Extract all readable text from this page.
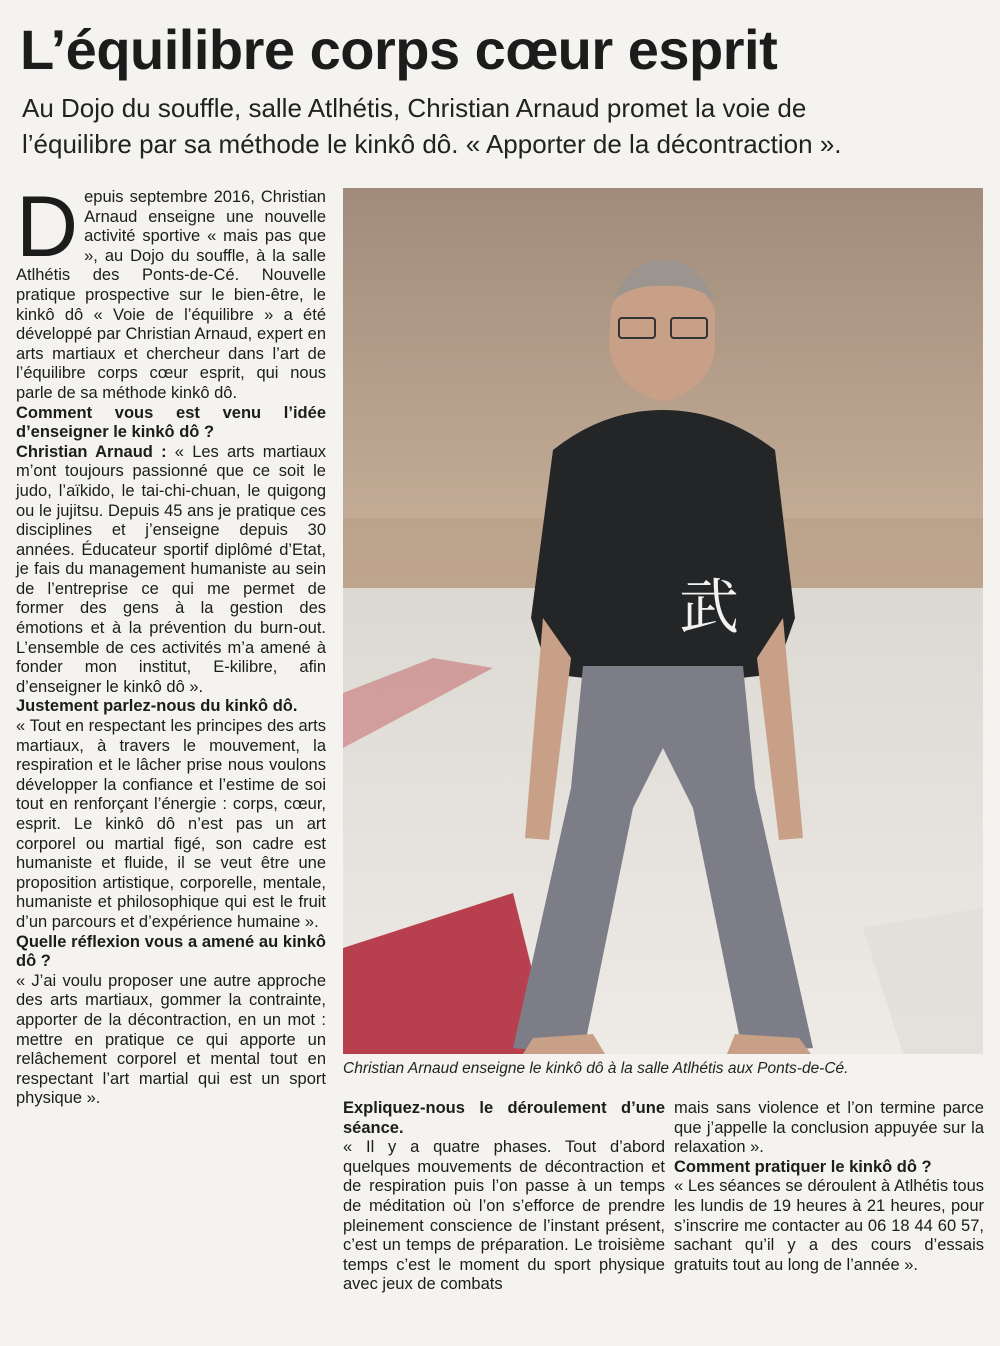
L’équilibre corps cœur esprit
Au Dojo du souffle, salle Atlhétis, Christian Arnaud promet la voie de
l’équilibre par sa méthode le kinkô dô. « Apporter de la décontraction ».

Depuis septembre 2016, Christian Arnaud enseigne une nouvelle activité sportive « mais pas que », au Dojo du souffle, à la salle Atlhétis des Ponts-de-Cé. Nouvelle pratique prospective sur le bien-être, le kinkô dô « Voie de l’équilibre » a été développé par Christian Arnaud, expert en arts martiaux et chercheur dans l’art de l’équilibre corps cœur esprit, qui nous parle de sa méthode kinkô dô.

Comment vous est venu l’idée d’enseigner le kinkô dô ?

Christian Arnaud : « Les arts martiaux m’ont toujours passionné que ce soit le judo, l’aïkido, le tai-chi-chuan, le quigong ou le jujitsu. Depuis 45 ans je pratique ces disciplines et j’enseigne depuis 30 années. Éducateur sportif diplômé d’Etat, je fais du management humaniste au sein de l’entreprise ce qui me permet de former des gens à la gestion des émotions et à la prévention du burn-out. L’ensemble de ces activités m’a amené à fonder mon institut, E-kilibre, afin d’enseigner le kinkô dô ».

Justement parlez-nous du kinkô dô.

« Tout en respectant les principes des arts martiaux, à travers le mouvement, la respiration et le lâcher prise nous voulons développer la confiance et l’estime de soi tout en renforçant l’énergie : corps, cœur, esprit. Le kinkô dô n’est pas un art corporel ou martial figé, son cadre est humaniste et fluide, il se veut être une proposition artistique, corporelle, mentale, humaniste et philosophique qui est le fruit d’un parcours et d’expérience humaine ».

Quelle réflexion vous a amené au kinkô dô ?

« J’ai voulu proposer une autre approche des arts martiaux, gommer la contrainte, apporter de la décontraction, en un mot : mettre en pratique ce qui apporte un relâchement corporel et mental tout en respectant l’art martial qui est un sport physique ».

武
Christian Arnaud enseigne le kinkô dô à la salle Atlhétis aux Ponts-de-Cé.

Expliquez-nous le déroulement d’une séance.

« Il y a quatre phases. Tout d’abord quelques mouvements de décontraction et de respiration puis l’on passe à un temps de méditation où l’on s’efforce de prendre pleinement conscience de l’instant présent, c’est un temps de préparation. Le troisième temps c’est le moment du sport physique avec jeux de combats

mais sans violence et l’on termine parce que j’appelle la conclusion appuyée sur la relaxation ».

Comment pratiquer le kinkô dô ?

« Les séances se déroulent à Atlhétis tous les lundis de 19 heures à 21 heures, pour s’inscrire me contacter au 06 18 44 60 57, sachant qu’il y a des cours d’essais gratuits tout au long de l’année ».
